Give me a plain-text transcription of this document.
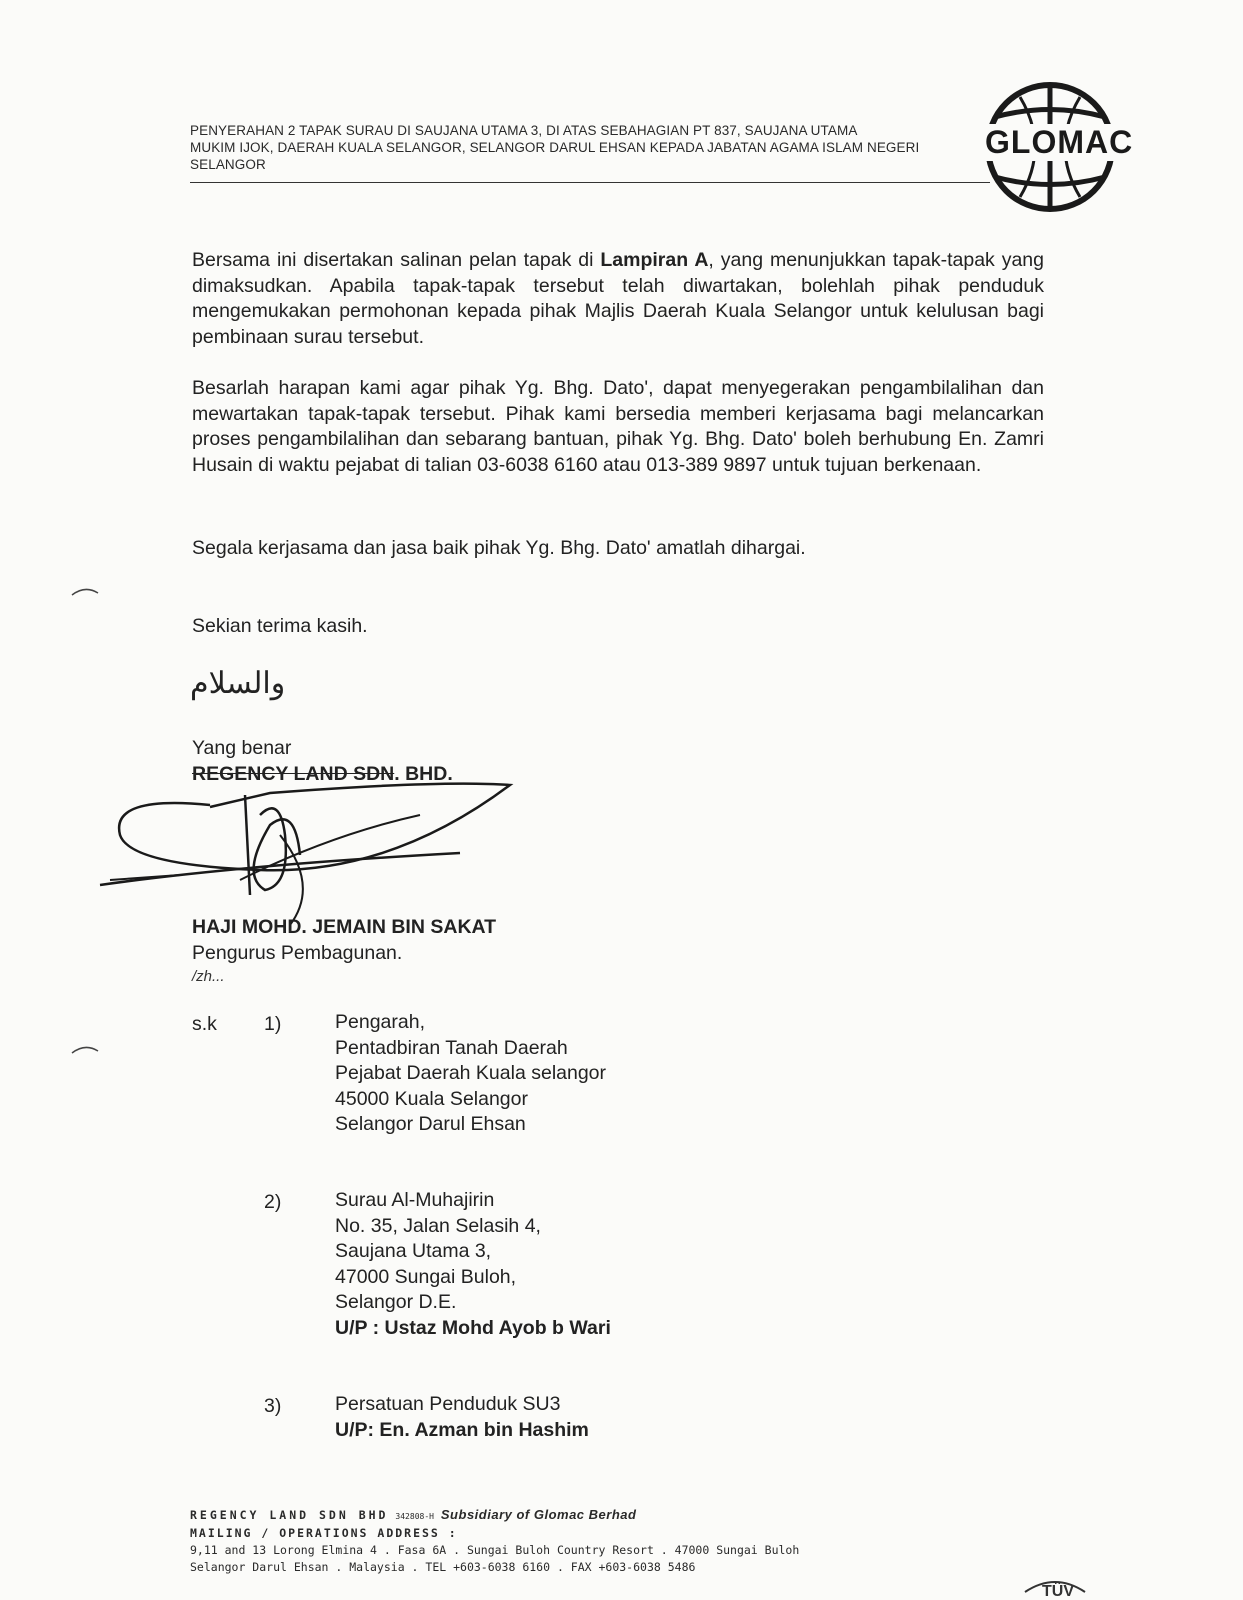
PENYERAHAN 2 TAPAK SURAU DI SAUJANA UTAMA 3, DI ATAS SEBAHAGIAN PT 837, SAUJANA UTAMA
MUKIM IJOK, DAERAH KUALA SELANGOR, SELANGOR DARUL EHSAN KEPADA JABATAN AGAMA ISLAM NEGERI
SELANGOR
GLOMAC
Bersama ini disertakan salinan pelan tapak di Lampiran A, yang menunjukkan tapak-tapak yang dimaksudkan. Apabila tapak-tapak tersebut telah diwartakan, bolehlah pihak penduduk mengemukakan permohonan kepada pihak Majlis Daerah Kuala Selangor untuk kelulusan bagi pembinaan surau tersebut.
Besarlah harapan kami agar pihak Yg. Bhg. Dato', dapat menyegerakan pengambilalihan dan mewartakan tapak-tapak tersebut. Pihak kami bersedia memberi kerjasama bagi melancarkan proses pengambilalihan dan sebarang bantuan, pihak Yg. Bhg. Dato' boleh berhubung En. Zamri Husain di waktu pejabat di talian 03-6038 6160 atau 013-389 9897 untuk tujuan berkenaan.
Segala kerjasama dan jasa baik pihak Yg. Bhg. Dato' amatlah dihargai.
Sekian terima kasih.
والسلام
Yang benar
REGENCY LAND SDN. BHD.
HAJI MOHD. JEMAIN BIN SAKAT
Pengurus Pembagunan.
/zh...
s.k 1)	Pengarah,
Pentadbiran Tanah Daerah
Pejabat Daerah Kuala selangor
45000 Kuala Selangor
Selangor Darul Ehsan
2)	Surau Al-Muhajirin
No. 35, Jalan Selasih 4,
Saujana Utama 3,
47000 Sungai Buloh,
Selangor D.E.
U/P : Ustaz Mohd Ayob b Wari
3)	Persatuan Penduduk SU3
U/P: En. Azman bin Hashim
REGENCY LAND SDN BHD 342808-H Subsidiary of Glomac Berhad
MAILING / OPERATIONS ADDRESS :
9,11 and 13 Lorong Elmina 4 . Fasa 6A . Sungai Buloh Country Resort . 47000 Sungai Buloh
Selangor Darul Ehsan . Malaysia . TEL +603-6038 6160 . FAX +603-6038 5486
TÜV
